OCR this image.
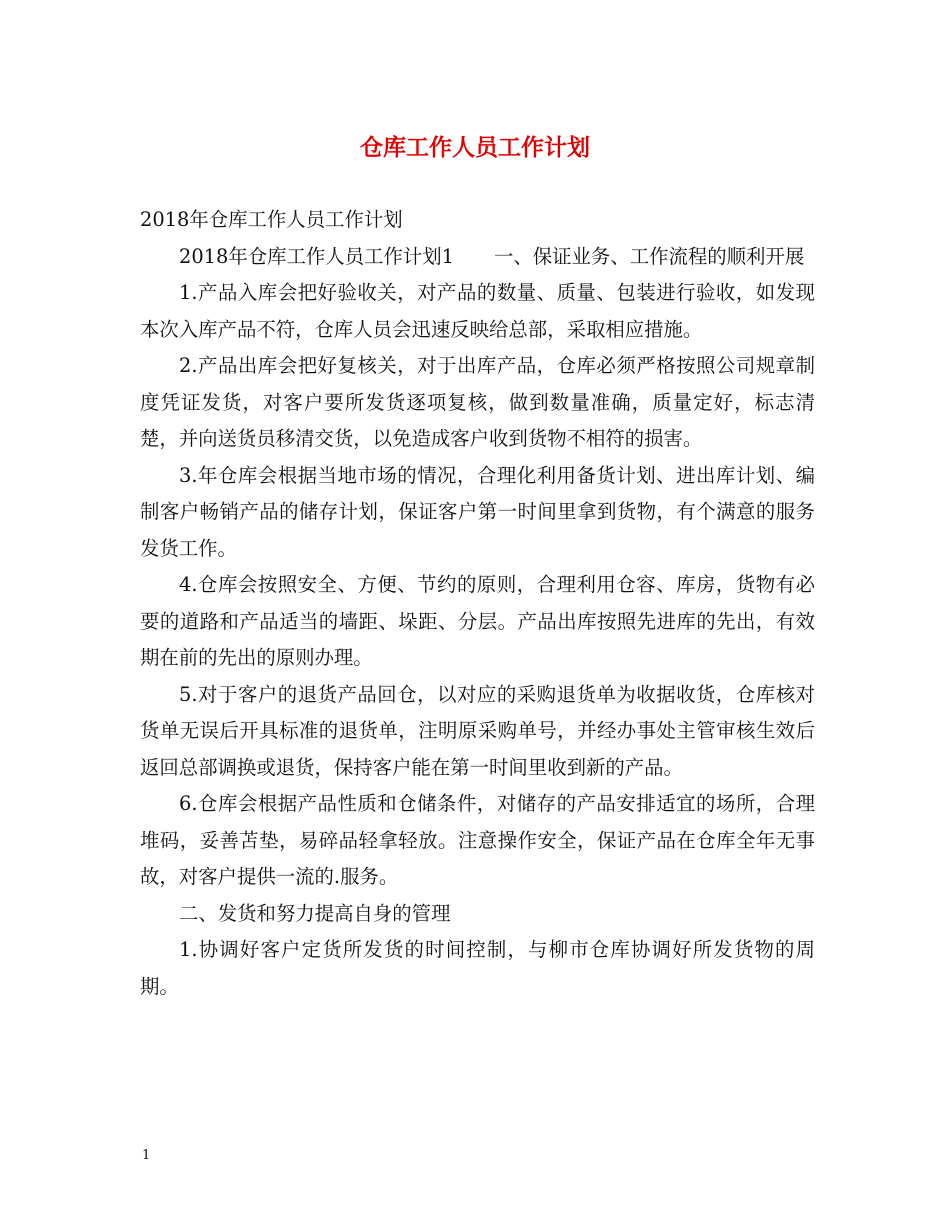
仓库工作人员工作计划

2018年仓库工作人员工作计划

2018年仓库工作人员工作计划1 一、保证业务、工作流程的顺利开展

1.产品入库会把好验收关，对产品的数量、质量、包装进行验收，如发现本次入库产品不符，仓库人员会迅速反映给总部，采取相应措施。

2.产品出库会把好复核关，对于出库产品，仓库必须严格按照公司规章制度凭证发货，对客户要所发货逐项复核，做到数量准确，质量定好，标志清楚，并向送货员移清交货，以免造成客户收到货物不相符的损害。

3.年仓库会根据当地市场的情况，合理化利用备货计划、进出库计划、编制客户畅销产品的储存计划，保证客户第一时间里拿到货物，有个满意的服务发货工作。

4.仓库会按照安全、方便、节约的原则，合理利用仓容、库房，货物有必要的道路和产品适当的墙距、垛距、分层。产品出库按照先进库的先出，有效期在前的先出的原则办理。

5.对于客户的退货产品回仓，以对应的采购退货单为收据收货，仓库核对货单无误后开具标准的退货单，注明原采购单号，并经办事处主管审核生效后返回总部调换或退货，保持客户能在第一时间里收到新的产品。

6.仓库会根据产品性质和仓储条件，对储存的产品安排适宜的场所，合理堆码，妥善苫垫，易碎品轻拿轻放。注意操作安全，保证产品在仓库全年无事故，对客户提供一流的.服务。

二、发货和努力提高自身的管理

1.协调好客户定货所发货的时间控制，与柳市仓库协调好所发货物的周期。

1
